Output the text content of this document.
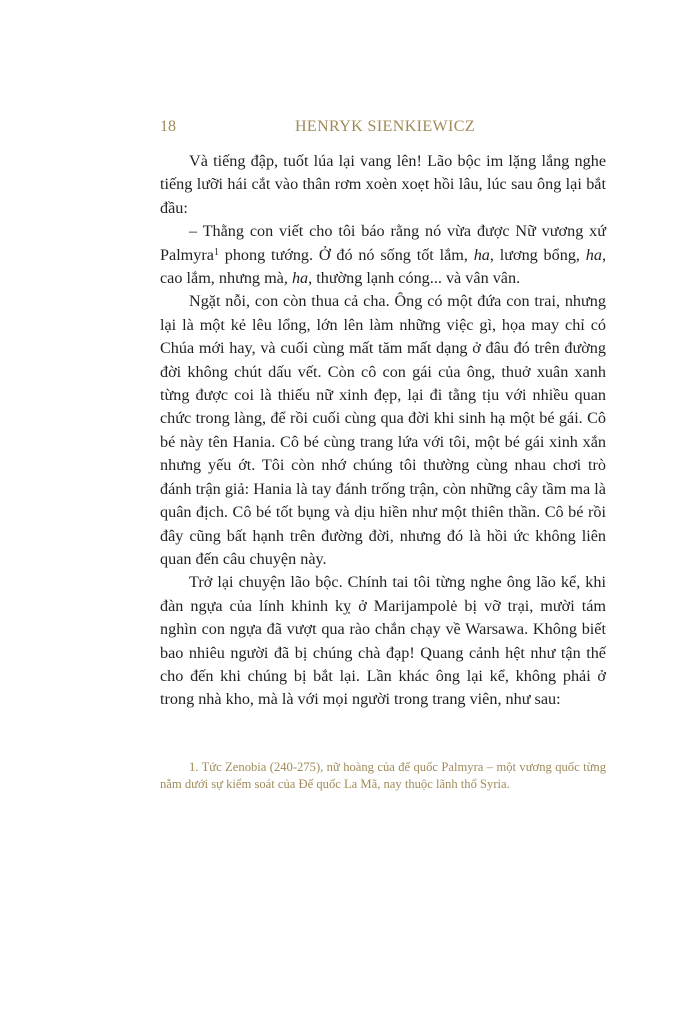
18	HENRYK SIENKIEWICZ

Và tiếng đập, tuốt lúa lại vang lên! Lão bộc im lặng lắng nghe tiếng lưỡi hái cắt vào thân rơm xoèn xoẹt hồi lâu, lúc sau ông lại bắt đầu:

– Thằng con viết cho tôi báo rằng nó vừa được Nữ vương xứ Palmyra$^1$ phong tướng. Ở đó nó sống tốt lắm, ha, lương bổng, ha, cao lắm, nhưng mà, ha, thường lạnh cóng... và vân vân.

Ngặt nỗi, con còn thua cả cha. Ông có một đứa con trai, nhưng lại là một kẻ lêu lổng, lớn lên làm những việc gì, họa may chỉ có Chúa mới hay, và cuối cùng mất tăm mất dạng ở đâu đó trên đường đời không chút dấu vết. Còn cô con gái của ông, thuở xuân xanh từng được coi là thiếu nữ xinh đẹp, lại đi tằng tịu với nhiều quan chức trong làng, để rồi cuối cùng qua đời khi sinh hạ một bé gái. Cô bé này tên Hania. Cô bé cùng trang lứa với tôi, một bé gái xinh xắn nhưng yếu ớt. Tôi còn nhớ chúng tôi thường cùng nhau chơi trò đánh trận giả: Hania là tay đánh trống trận, còn những cây tầm ma là quân địch. Cô bé tốt bụng và dịu hiền như một thiên thần. Cô bé rồi đây cũng bất hạnh trên đường đời, nhưng đó là hồi ức không liên quan đến câu chuyện này.

Trở lại chuyện lão bộc. Chính tai tôi từng nghe ông lão kể, khi đàn ngựa của lính khinh kỵ ở Marijampolė bị vỡ trại, mười tám nghìn con ngựa đã vượt qua rào chắn chạy về Warsawa. Không biết bao nhiêu người đã bị chúng chà đạp! Quang cảnh hệt như tận thế cho đến khi chúng bị bắt lại. Lần khác ông lại kể, không phải ở trong nhà kho, mà là với mọi người trong trang viên, như sau:

1. Tức Zenobia (240-275), nữ hoàng của đế quốc Palmyra – một vương quốc từng nằm dưới sự kiểm soát của Đế quốc La Mã, nay thuộc lãnh thổ Syria.
